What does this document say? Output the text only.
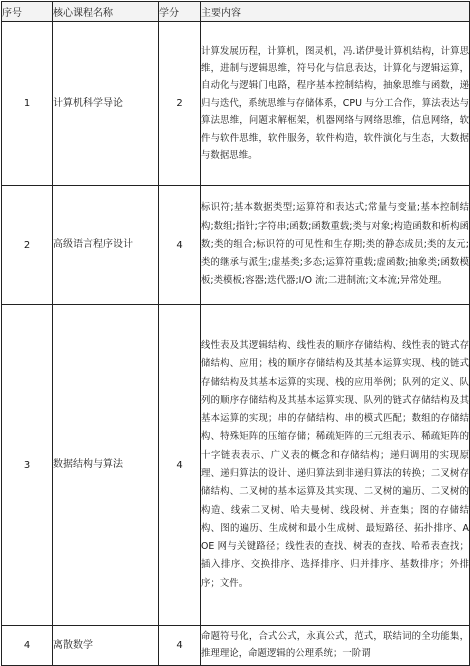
序号	核心课程名称	学分	主要内容
1	计算机科学导论	2	计算发展历程，计算机，图灵机，冯.诺伊曼计算机结构，计算思维，进制与逻辑思维，符号化与信息表达，计算化与逻辑运算，自动化与逻辑门电路，程序基本控制结构，抽象思维与函数，递归与迭代，系统思维与存储体系，CPU 与分工合作，算法表达与算法思维，问题求解框架，机器网络与网络思维，信息网络，软件与软件思维，软件服务，软件构造，软件演化与生态，大数据与数据思维。
2	高级语言程序设计	4	标识符;基本数据类型;运算符和表达式;常量与变量;基本控制结构;数组;指针;字符串;函数;函数重载;类与对象;构造函数和析构函数;类的组合;标识符的可见性和生存期;类的静态成员;类的友元;类的继承与派生;虚基类;多态;运算符重载;虚函数;抽象类;函数模板;类模板;容器;迭代器;I/O 流;二进制流;文本流;异常处理。
3	数据结构与算法	4	线性表及其逻辑结构、线性表的顺序存储结构、线性表的链式存储结构、应用；栈的顺序存储结构及其基本运算实现、栈的链式存储结构及其基本运算的实现、栈的应用举例；队列的定义、队列的顺序存储结构及其基本运算实现、队列的链式存储结构及其基本运算的实现；串的存储结构、串的模式匹配；数组的存储结构、特殊矩阵的压缩存储；稀疏矩阵的三元组表示、稀疏矩阵的十字链表表示、广义表的概念和存储结构；递归调用的实现原理、递归算法的设计、递归算法到非递归算法的转换；二叉树存储结构、二叉树的基本运算及其实现、二叉树的遍历、二叉树的构造、线索二叉树、哈夫曼树、线段树、并查集；图的存储结构、图的遍历、生成树和最小生成树、最短路径、拓扑排序、AOE 网与关键路径；线性表的查找、树表的查找、哈希表查找；插入排序、交换排序、选择排序、归并排序、基数排序；外排序；文件。
4	离散数学	4	命题符号化，合式公式，永真公式，范式，联结词的全功能集，推理理论，命题逻辑的公理系统；一阶谓
